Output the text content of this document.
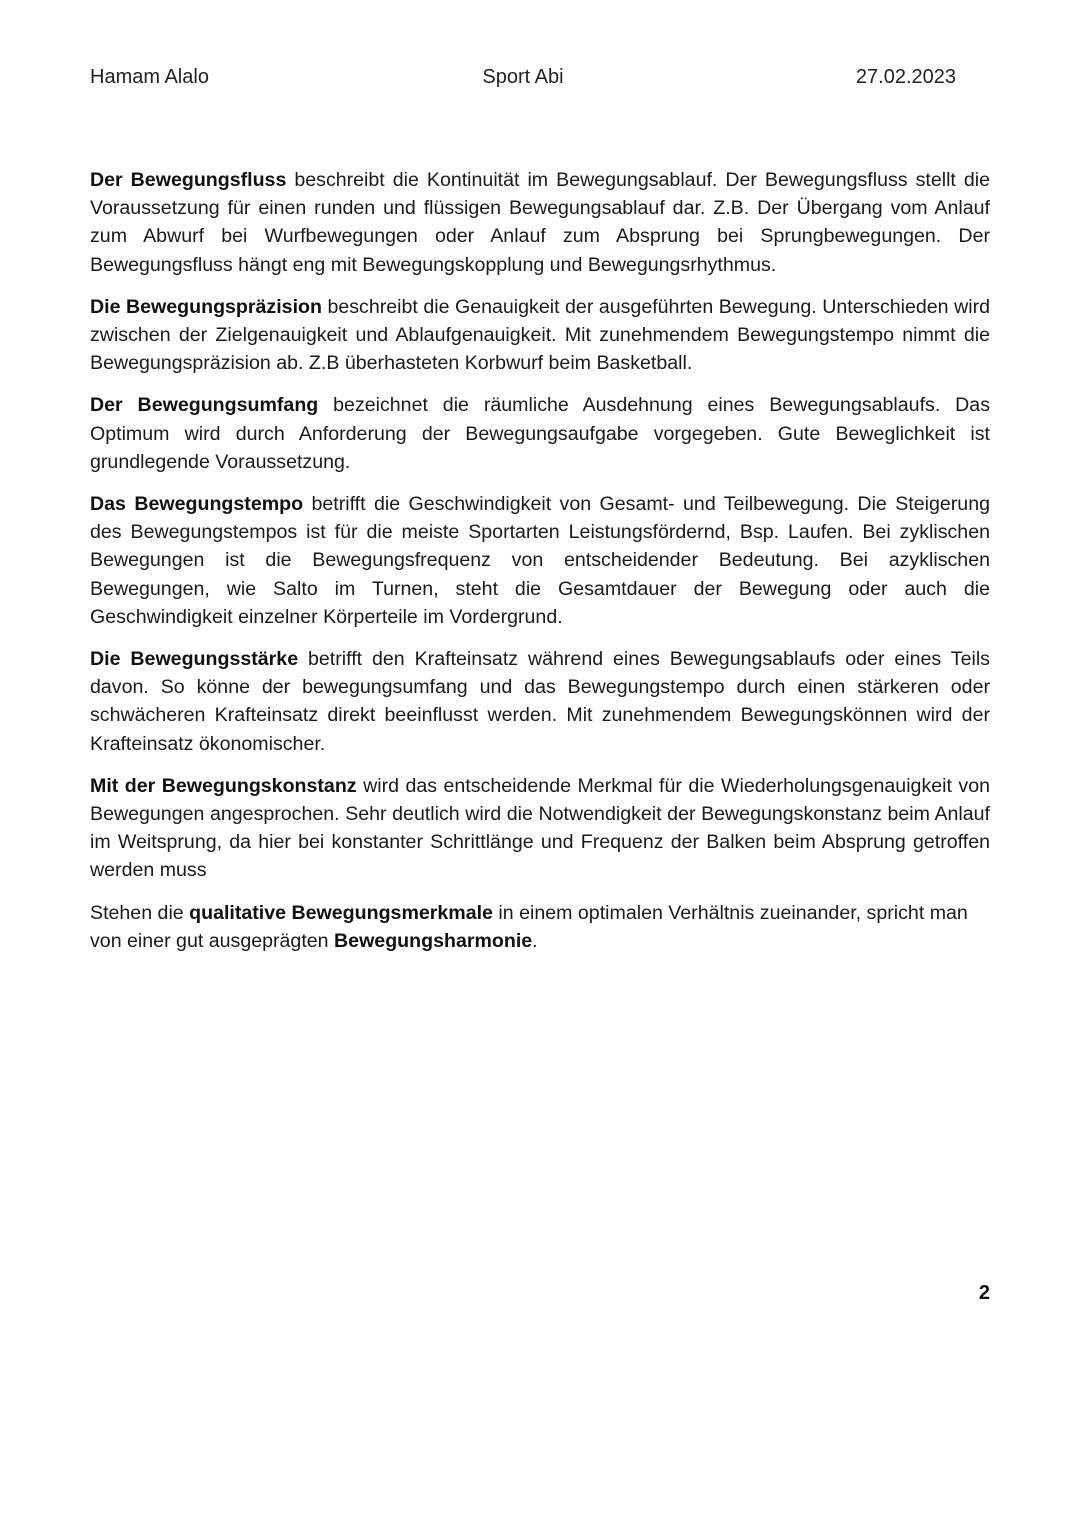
Hamam Alalo	Sport Abi	27.02.2023

Der Bewegungsfluss beschreibt die Kontinuität im Bewegungsablauf. Der Bewegungsfluss stellt die Voraussetzung für einen runden und flüssigen Bewegungsablauf dar. Z.B. Der Übergang vom Anlauf zum Abwurf bei Wurfbewegungen oder Anlauf zum Absprung bei Sprungbewegungen. Der Bewegungsfluss hängt eng mit Bewegungskopplung und Bewegungsrhythmus.

Die Bewegungspräzision beschreibt die Genauigkeit der ausgeführten Bewegung. Unterschieden wird zwischen der Zielgenauigkeit und Ablaufgenauigkeit. Mit zunehmendem Bewegungstempo nimmt die Bewegungspräzision ab. Z.B überhasteten Korbwurf beim Basketball.

Der Bewegungsumfang bezeichnet die räumliche Ausdehnung eines Bewegungsablaufs. Das Optimum wird durch Anforderung der Bewegungsaufgabe vorgegeben. Gute Beweglichkeit ist grundlegende Voraussetzung.

Das Bewegungstempo betrifft die Geschwindigkeit von Gesamt- und Teilbewegung. Die Steigerung des Bewegungstempos ist für die meiste Sportarten Leistungsfördernd, Bsp. Laufen. Bei zyklischen Bewegungen ist die Bewegungsfrequenz von entscheidender Bedeutung. Bei azyklischen Bewegungen, wie Salto im Turnen, steht die Gesamtdauer der Bewegung oder auch die Geschwindigkeit einzelner Körperteile im Vordergrund.

Die Bewegungsstärke betrifft den Krafteinsatz während eines Bewegungsablaufs oder eines Teils davon. So könne der bewegungsumfang und das Bewegungstempo durch einen stärkeren oder schwächeren Krafteinsatz direkt beeinflusst werden. Mit zunehmendem Bewegungskönnen wird der Krafteinsatz ökonomischer.

Mit der Bewegungskonstanz wird das entscheidende Merkmal für die Wiederholungsgenauigkeit von Bewegungen angesprochen. Sehr deutlich wird die Notwendigkeit der Bewegungskonstanz beim Anlauf im Weitsprung, da hier bei konstanter Schrittlänge und Frequenz der Balken beim Absprung getroffen werden muss

Stehen die qualitative Bewegungsmerkmale in einem optimalen Verhältnis zueinander, spricht man von einer gut ausgeprägten Bewegungsharmonie.

2
